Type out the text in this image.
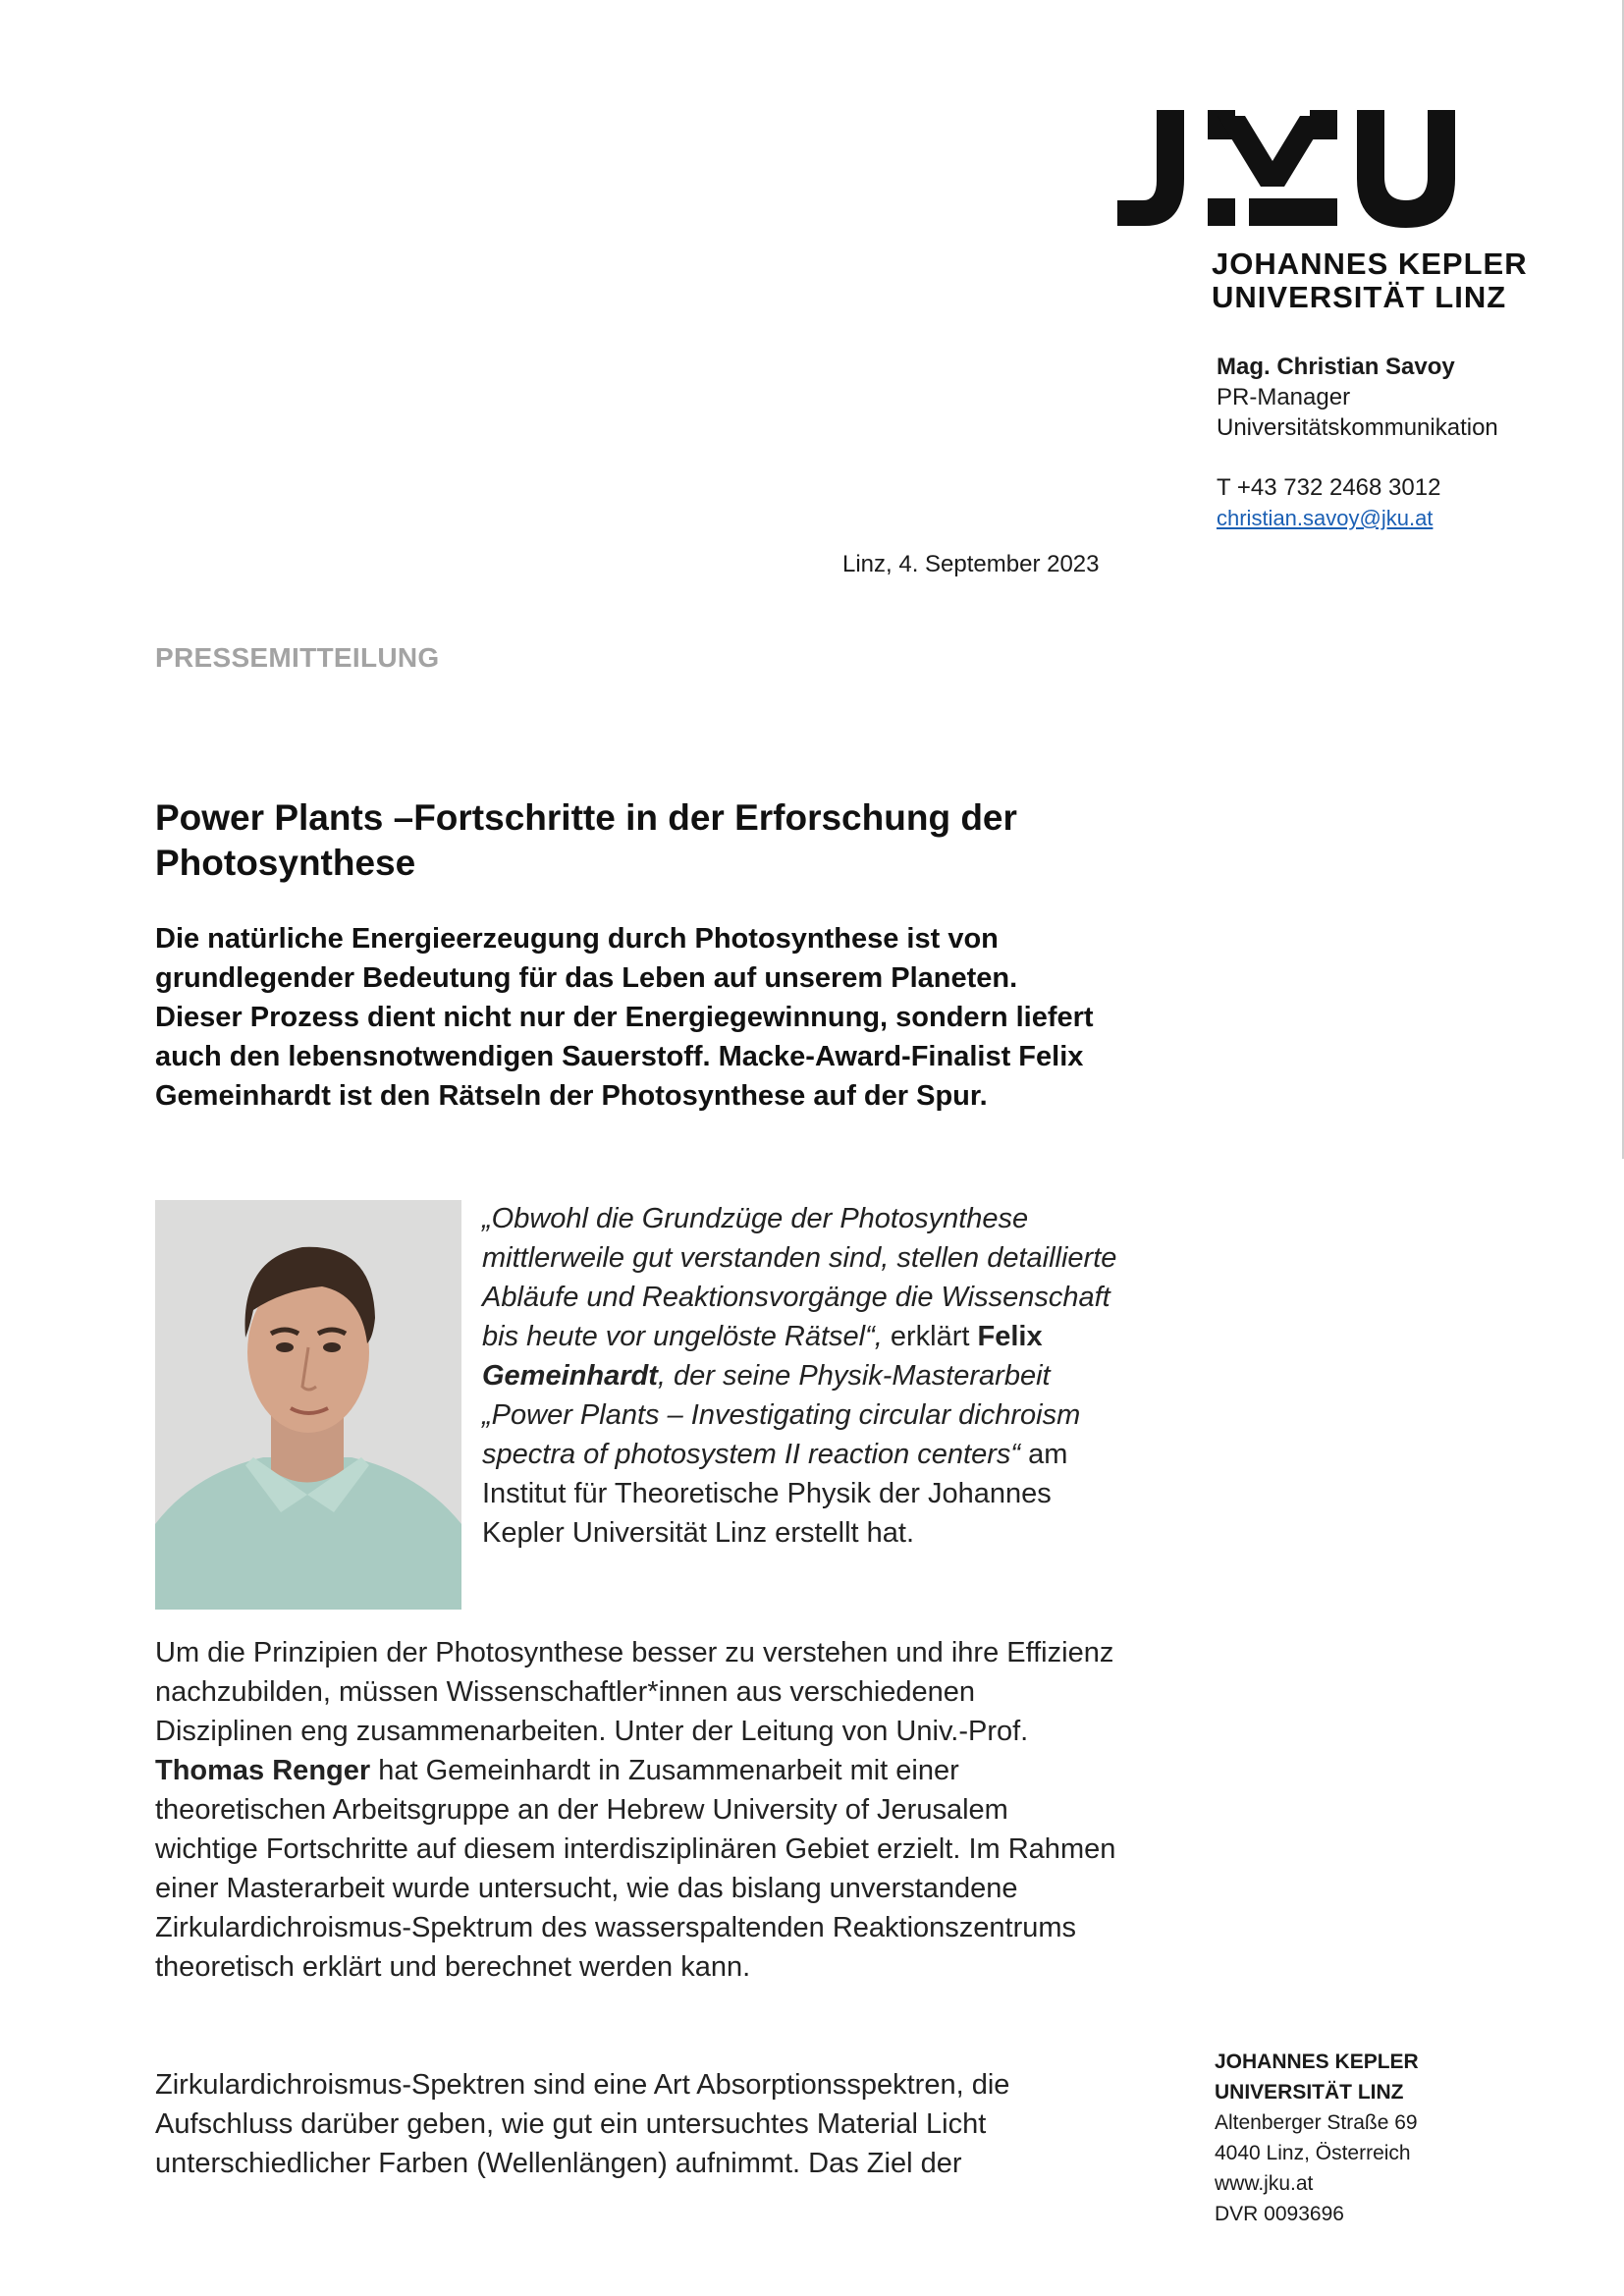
JOHANNES KEPLER
UNIVERSITÄT LINZ
Mag. Christian Savoy
PR-Manager
Universitätskommunikation
T +43 732 2468 3012
christian.savoy@jku.at
Linz, 4. September 2023
PRESSEMITTEILUNG
Power Plants –Fortschritte in der Erforschung der Photosynthese

Die natürliche Energieerzeugung durch Photosynthese ist von grundlegender Bedeutung für das Leben auf unserem Planeten. Dieser Prozess dient nicht nur der Energiegewinnung, sondern liefert auch den lebensnotwendigen Sauerstoff. Macke-Award-Finalist Felix Gemeinhardt ist den Rätseln der Photosynthese auf der Spur.

„Obwohl die Grundzüge der Photosynthese mittlerweile gut verstanden sind, stellen detaillierte Abläufe und Reaktionsvorgänge die Wissenschaft bis heute vor ungelöste Rätsel“, erklärt Felix Gemeinhardt, der seine Physik-Masterarbeit „Power Plants – Investigating circular dichroism spectra of photosystem II reaction centers“ am Institut für Theoretische Physik der Johannes Kepler Universität Linz erstellt hat.

Um die Prinzipien der Photosynthese besser zu verstehen und ihre Effizienz nachzubilden, müssen Wissenschaftler*innen aus verschiedenen Disziplinen eng zusammenarbeiten. Unter der Leitung von Univ.-Prof. Thomas Renger hat Gemeinhardt in Zusammenarbeit mit einer theoretischen Arbeitsgruppe an der Hebrew University of Jerusalem wichtige Fortschritte auf diesem interdisziplinären Gebiet erzielt. Im Rahmen einer Masterarbeit wurde untersucht, wie das bislang unverstandene Zirkulardichroismus-Spektrum des wasserspaltenden Reaktionszentrums theoretisch erklärt und berechnet werden kann.

Zirkulardichroismus-Spektren sind eine Art Absorptionsspektren, die Aufschluss darüber geben, wie gut ein untersuchtes Material Licht unterschiedlicher Farben (Wellenlängen) aufnimmt. Das Ziel der

JOHANNES KEPLER
UNIVERSITÄT LINZ
Altenberger Straße 69
4040 Linz, Österreich
www.jku.at
DVR 0093696
